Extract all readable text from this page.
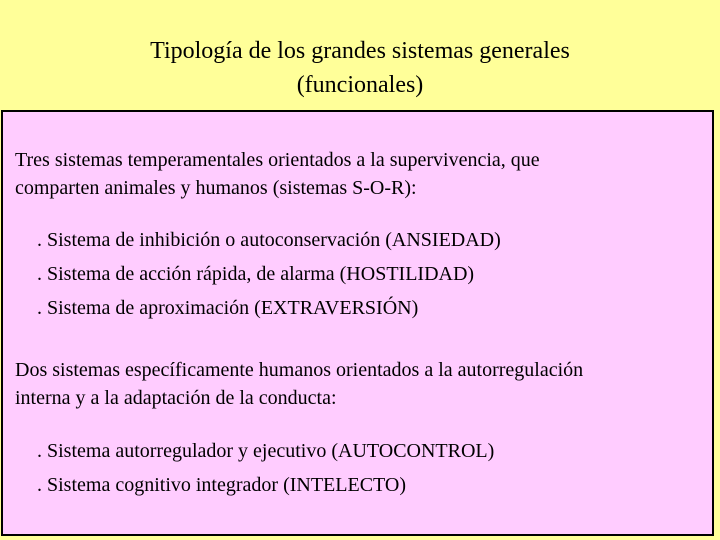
Tipología de los grandes sistemas generales
(funcionales)
Tres sistemas temperamentales orientados a la supervivencia, que
comparten animales y humanos (sistemas S-O-R):
. Sistema de inhibición o autoconservación (ANSIEDAD)
. Sistema de acción rápida, de alarma (HOSTILIDAD)
. Sistema de aproximación (EXTRAVERSIÓN)
Dos sistemas específicamente humanos orientados a la autorregulación
interna y a la adaptación de la conducta:
. Sistema autorregulador y ejecutivo (AUTOCONTROL)
. Sistema cognitivo integrador (INTELECTO)
